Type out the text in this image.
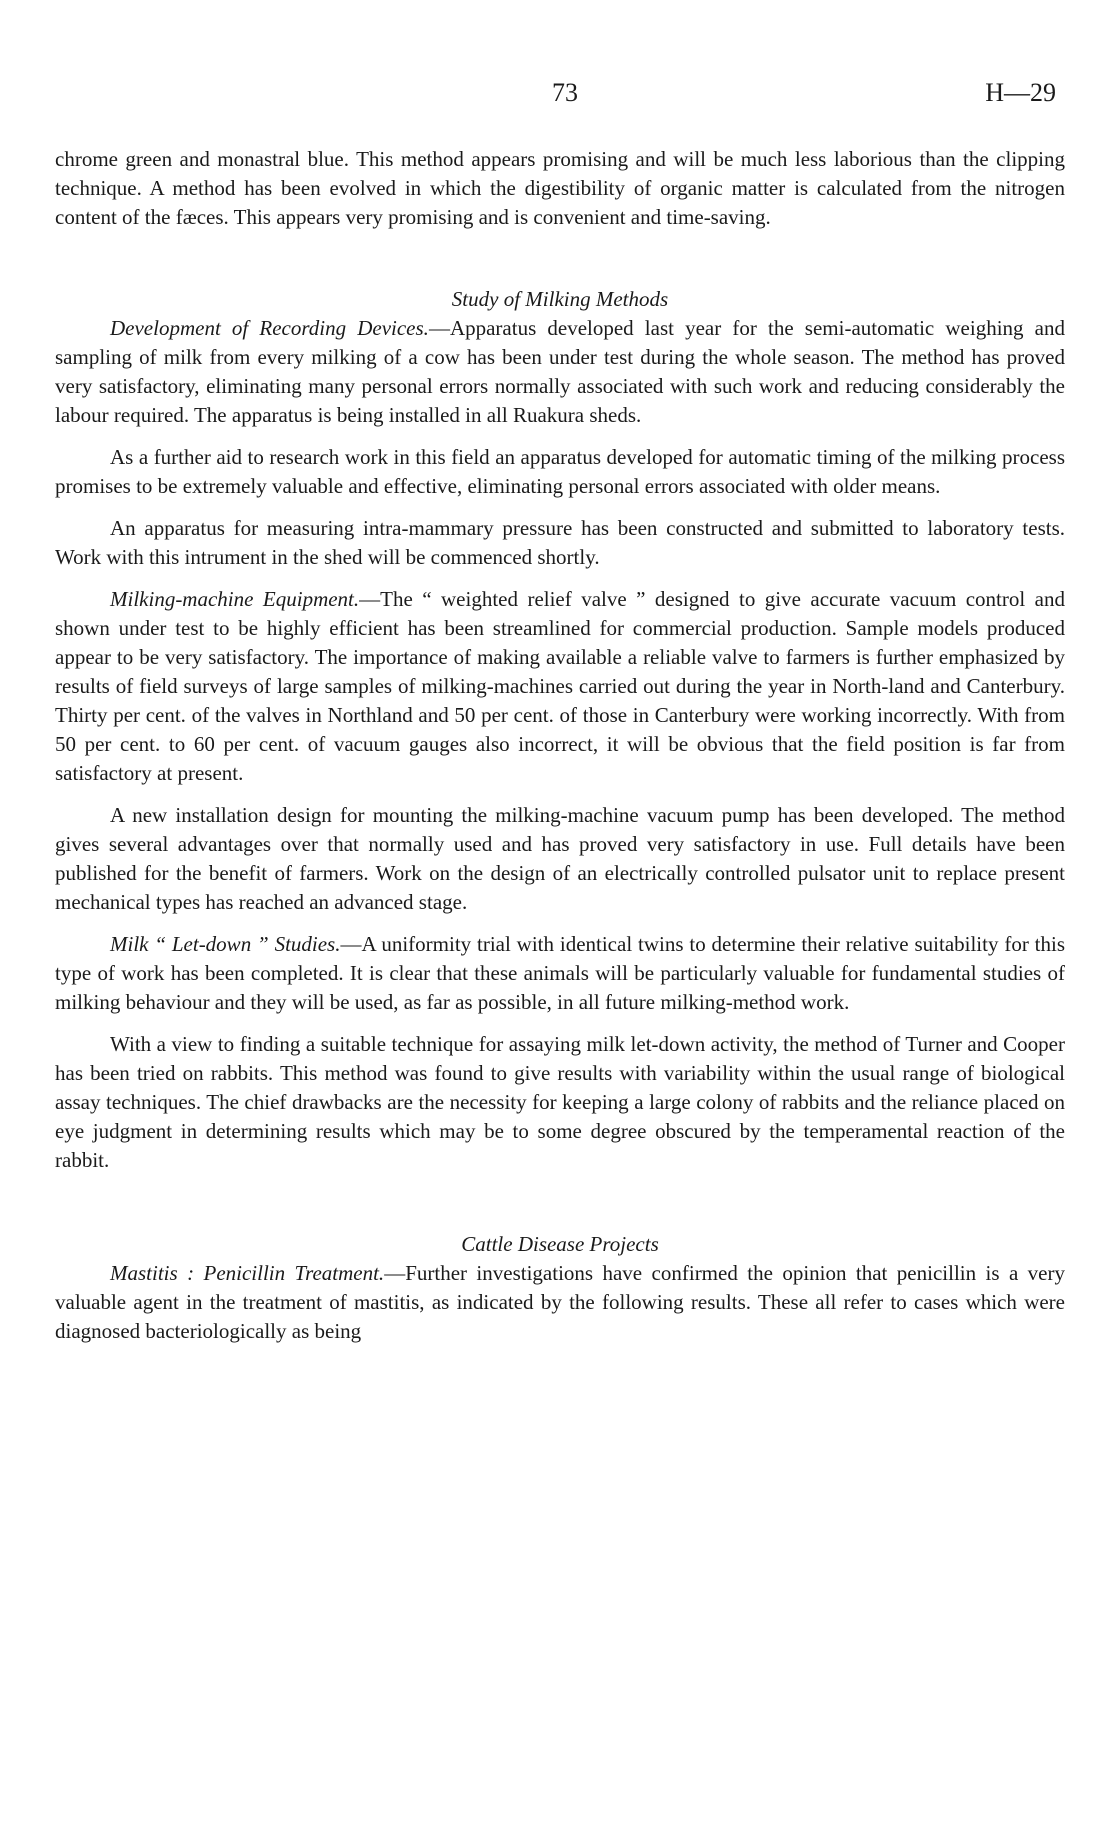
73	H—29

chrome green and monastral blue. This method appears promising and will be much less laborious than the clipping technique. A method has been evolved in which the digestibility of organic matter is calculated from the nitrogen content of the fæces. This appears very promising and is convenient and time-saving.

Study of Milking Methods

Development of Recording Devices.—Apparatus developed last year for the semi-automatic weighing and sampling of milk from every milking of a cow has been under test during the whole season. The method has proved very satisfactory, eliminating many personal errors normally associated with such work and reducing considerably the labour required. The apparatus is being installed in all Ruakura sheds.

As a further aid to research work in this field an apparatus developed for automatic timing of the milking process promises to be extremely valuable and effective, eliminating personal errors associated with older means.

An apparatus for measuring intra-mammary pressure has been constructed and submitted to laboratory tests. Work with this intrument in the shed will be commenced shortly.

Milking-machine Equipment.—The “ weighted relief valve ” designed to give accurate vacuum control and shown under test to be highly efficient has been streamlined for commercial production. Sample models produced appear to be very satisfactory. The importance of making available a reliable valve to farmers is further emphasized by results of field surveys of large samples of milking-machines carried out during the year in North-land and Canterbury. Thirty per cent. of the valves in Northland and 50 per cent. of those in Canterbury were working incorrectly. With from 50 per cent. to 60 per cent. of vacuum gauges also incorrect, it will be obvious that the field position is far from satisfactory at present.

A new installation design for mounting the milking-machine vacuum pump has been developed. The method gives several advantages over that normally used and has proved very satisfactory in use. Full details have been published for the benefit of farmers. Work on the design of an electrically controlled pulsator unit to replace present mechanical types has reached an advanced stage.

Milk “ Let-down ” Studies.—A uniformity trial with identical twins to determine their relative suitability for this type of work has been completed. It is clear that these animals will be particularly valuable for fundamental studies of milking behaviour and they will be used, as far as possible, in all future milking-method work.

With a view to finding a suitable technique for assaying milk let-down activity, the method of Turner and Cooper has been tried on rabbits. This method was found to give results with variability within the usual range of biological assay techniques. The chief drawbacks are the necessity for keeping a large colony of rabbits and the reliance placed on eye judgment in determining results which may be to some degree obscured by the temperamental reaction of the rabbit.

Cattle Disease Projects

Mastitis : Penicillin Treatment.—Further investigations have confirmed the opinion that penicillin is a very valuable agent in the treatment of mastitis, as indicated by the following results. These all refer to cases which were diagnosed bacteriologically as being
